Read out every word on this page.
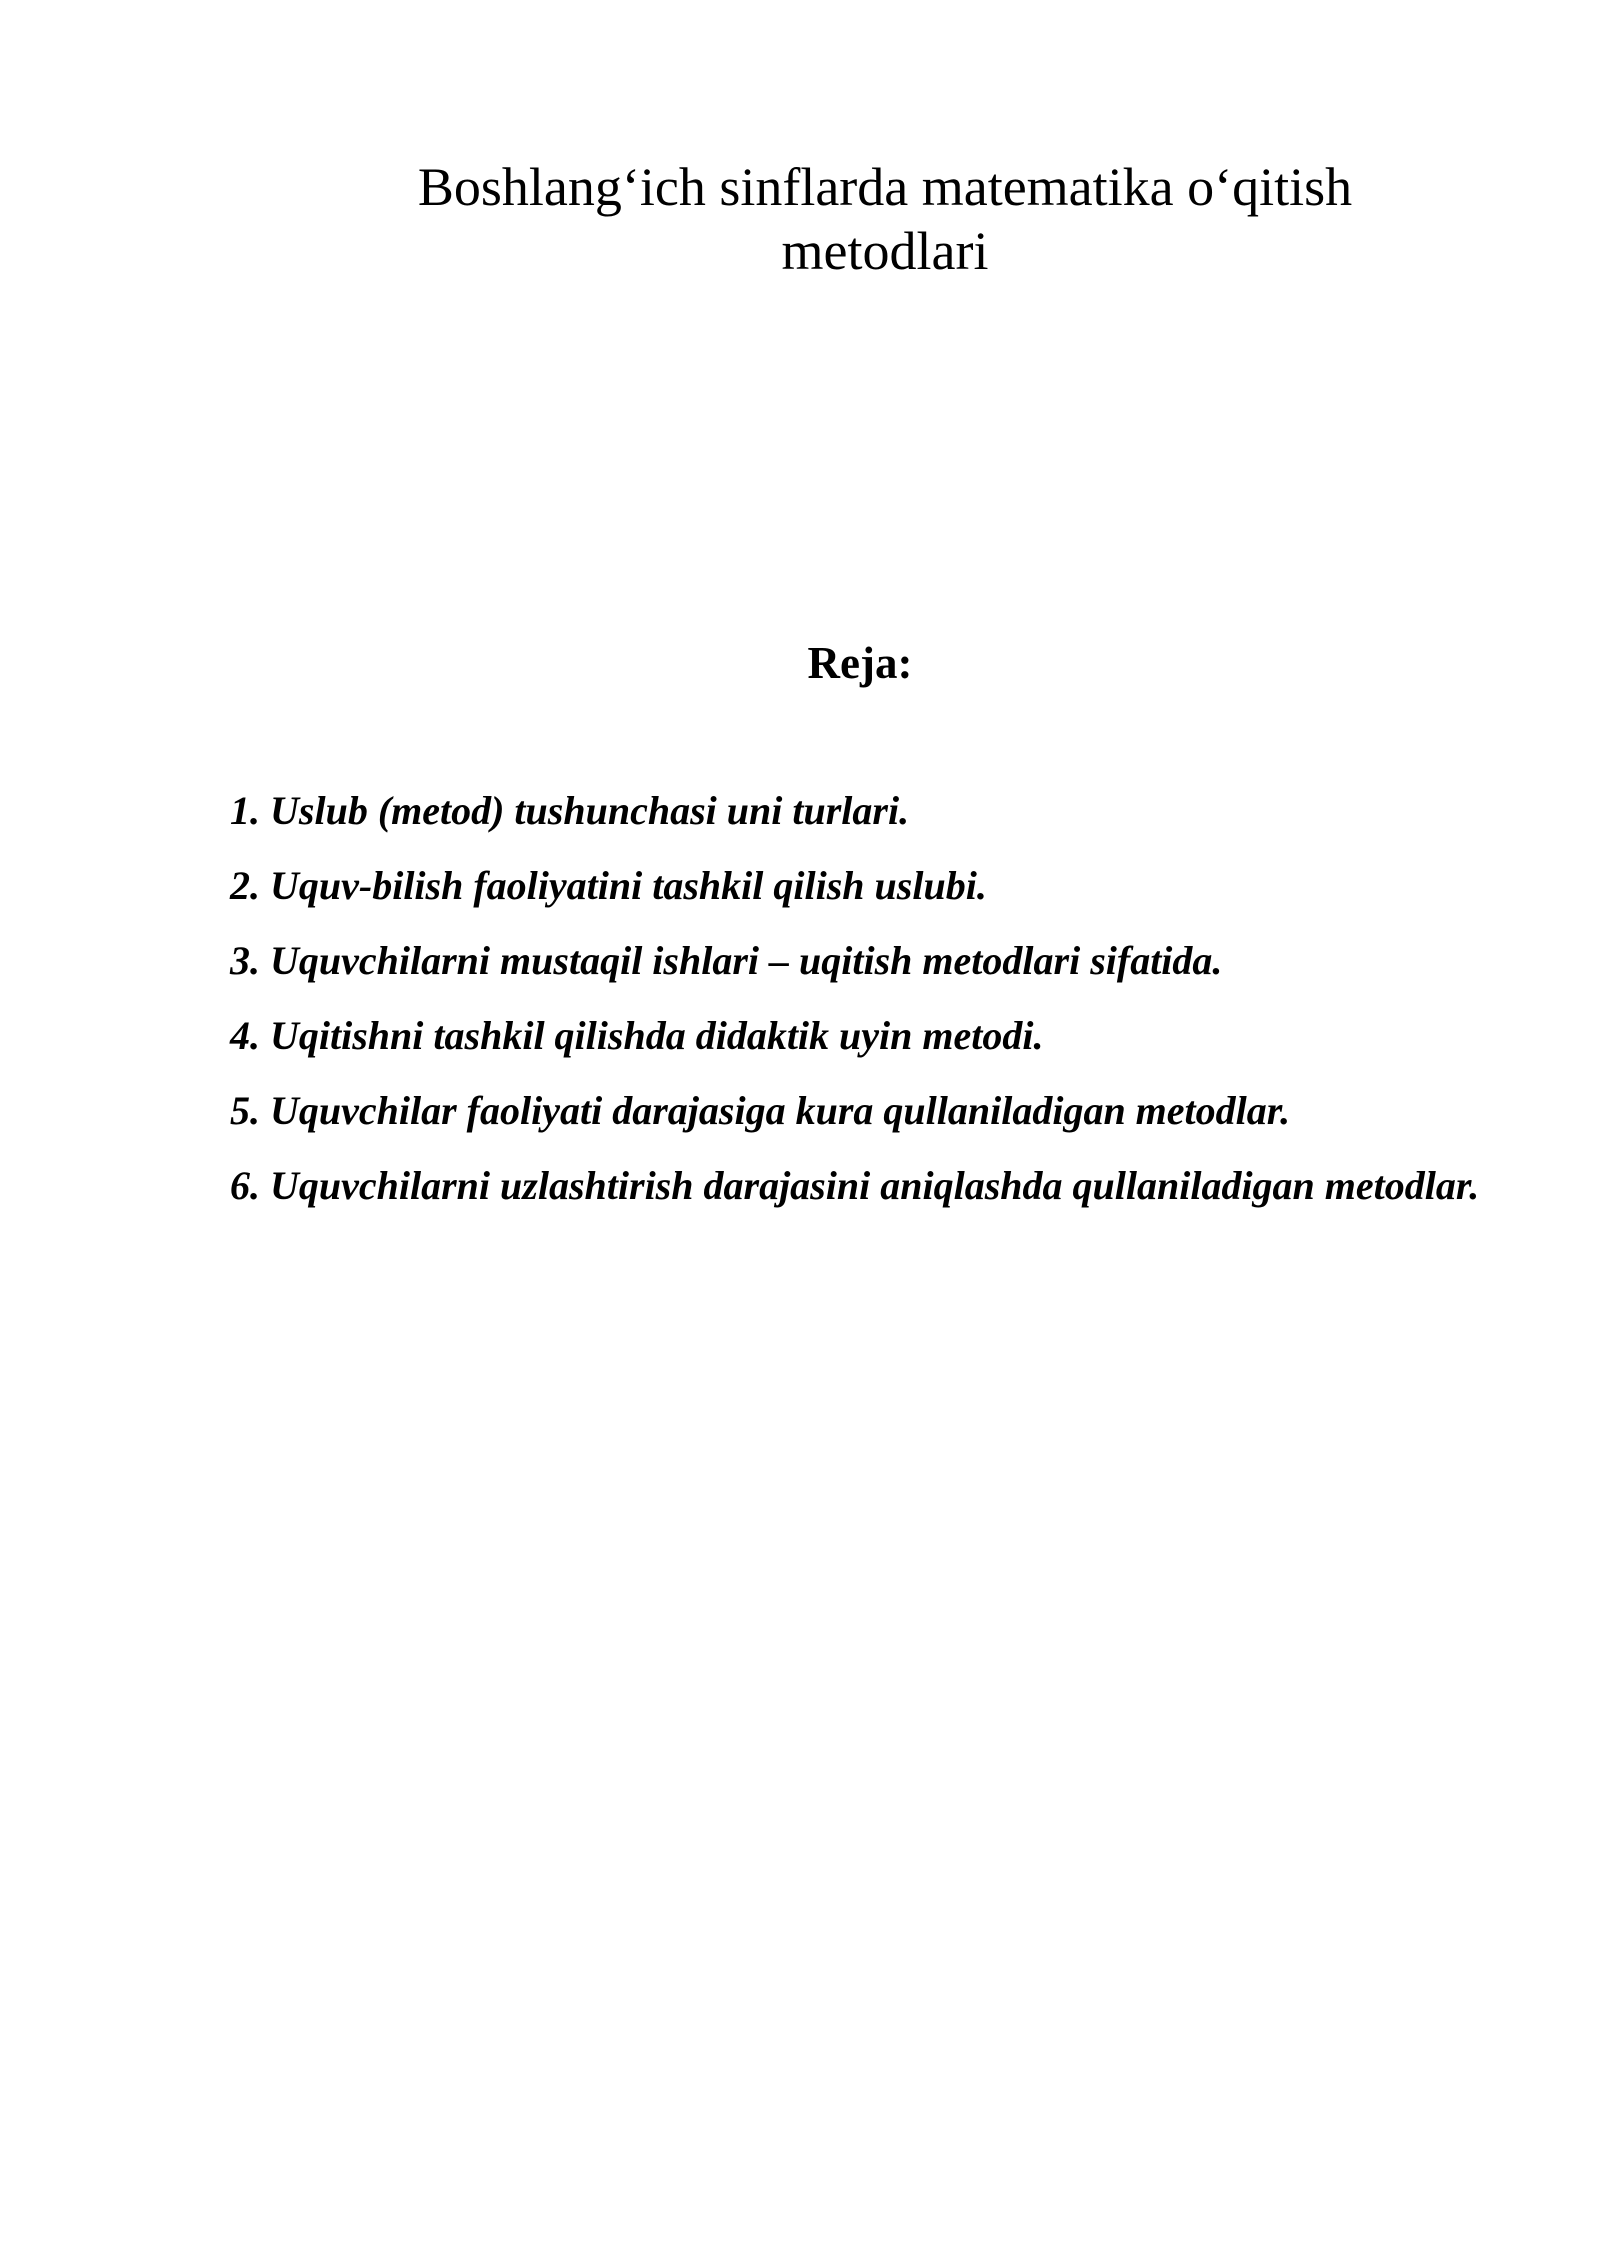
Boshlang‘ich sinflarda matematika o‘qitish
metodlari
Reja:
1. Uslub (metod) tushunchasi uni turlari.
2. Uquv-bilish faoliyatini tashkil qilish uslubi.
3. Uquvchilarni mustaqil ishlari – uqitish metodlari sifatida.
4. Uqitishni tashkil qilishda didaktik uyin metodi.
5. Uquvchilar faoliyati darajasiga kura qullaniladigan metodlar.
6. Uquvchilarni uzlashtirish darajasini aniqlashda qullaniladigan metodlar.
